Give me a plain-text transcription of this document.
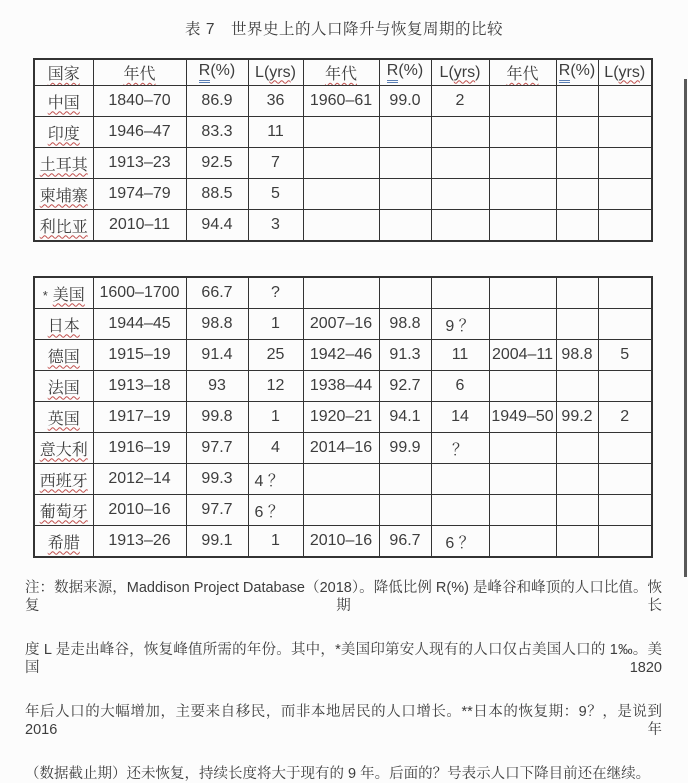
表 7　世界史上的人口降升与恢复周期的比较
国家	年代	R(%)	L(yrs)	年代	R(%)	L(yrs)	年代	R(%)	L(yrs)
中国	1840–70	86.9	36	1960–61	99.0	2			
印度	1946–47	83.3	11						
土耳其	1913–23	92.5	7						
柬埔寨	1974–79	88.5	5						
利比亚	2010–11	94.4	3						
* 美国	1600–1700	66.7	?						
日本	1944–45	98.8	1	2007–16	98.8	9 ？			
德国	1915–19	91.4	25	1942–46	91.3	11	2004–11	98.8	5
法国	1913–18	93	12	1938–44	92.7	6			
英国	1917–19	99.8	1	1920–21	94.1	14	1949–50	99.2	2
意大利	1916–19	97.7	4	2014–16	99.9	？			
西班牙	2012–14	99.3	4 ？						
葡萄牙	2010–16	97.7	6 ？						
希腊	1913–26	99.1	1	2010–16	96.7	6 ？			
注：数据来源，Maddison Project Database（2018）。降低比例 R(%) 是峰谷和峰顶的人口比值。恢复期长
度 L 是走出峰谷，恢复峰值所需的年份。其中，*美国印第安人现有的人口仅占美国人口的 1‰。美国 1820
年后人口的大幅增加，主要来自移民，而非本地居民的人口增长。**日本的恢复期：9？，是说到 2016 年
（数据截止期）还未恢复，持续长度将大于现有的 9 年。后面的？号表示人口下降目前还在继续。
